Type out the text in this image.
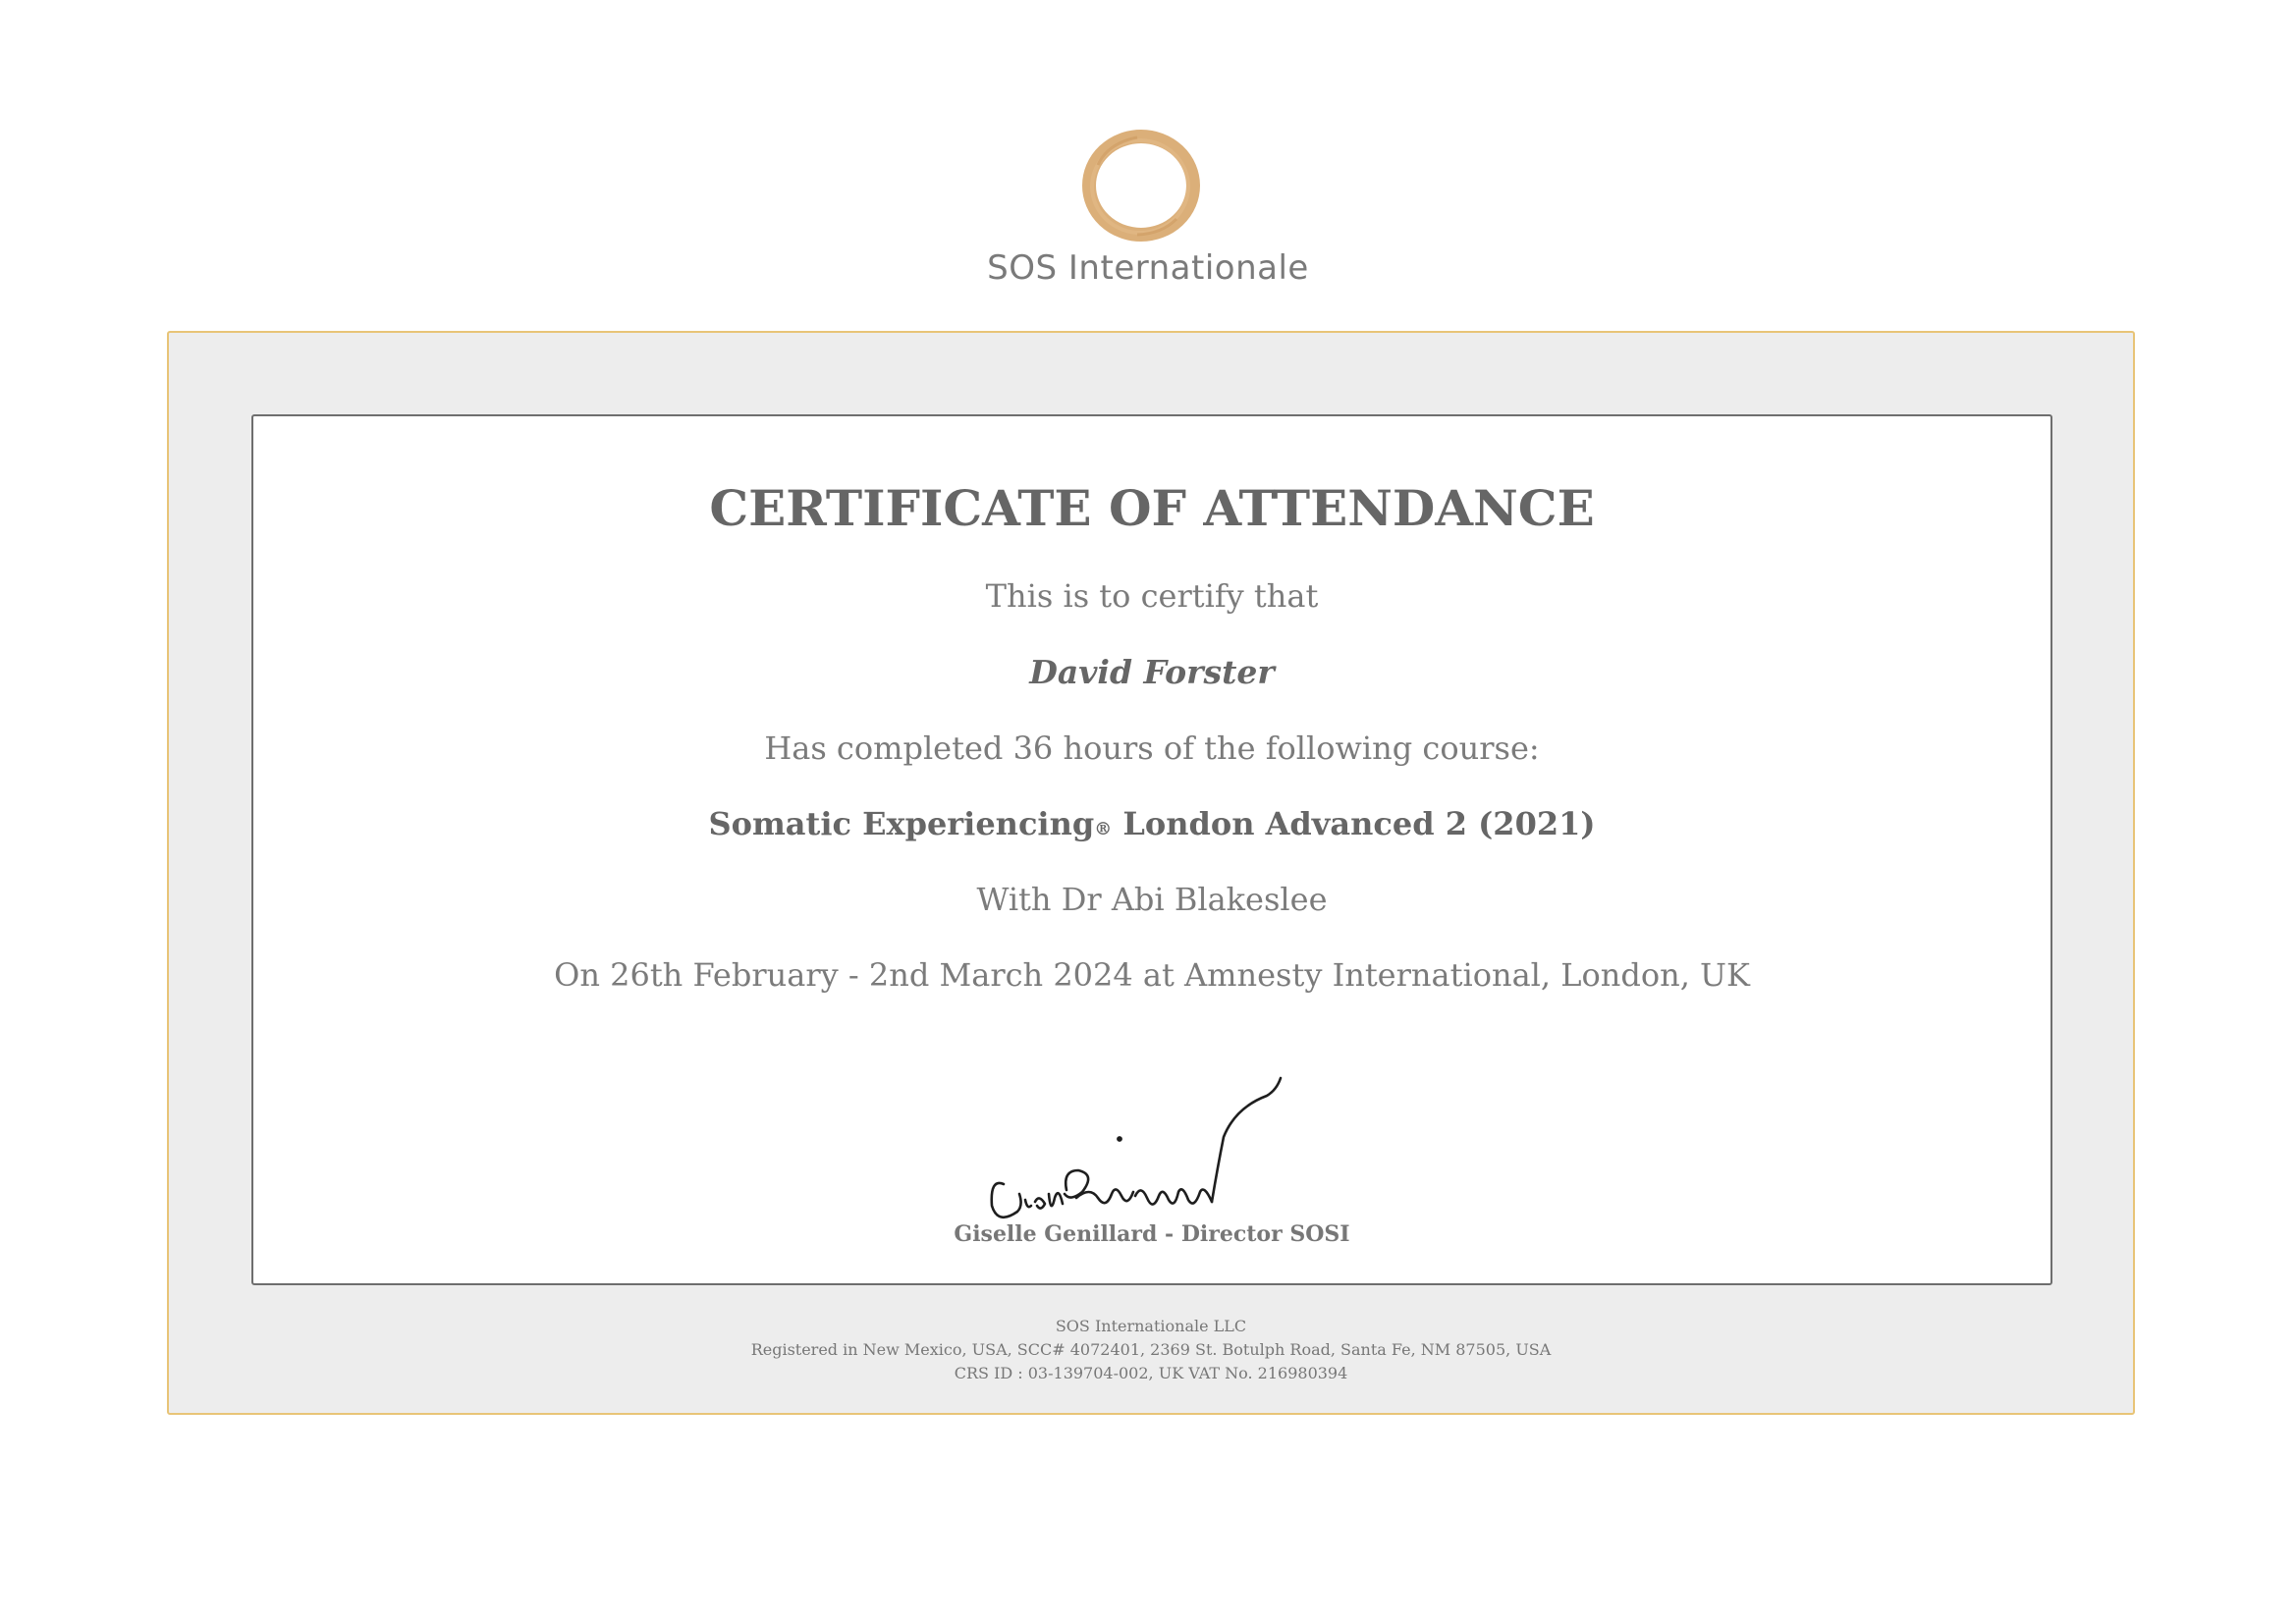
SOS Internationale
CERTIFICATE OF ATTENDANCE
This is to certify that
David Forster
Has completed 36 hours of the following course:
Somatic Experiencing® London Advanced 2 (2021)
With Dr Abi Blakeslee
On 26th February - 2nd March 2024 at Amnesty International, London, UK
Giselle Genillard - Director SOSI
SOS Internationale LLC
Registered in New Mexico, USA, SCC# 4072401, 2369 St. Botulph Road, Santa Fe, NM 87505, USA
CRS ID : 03-139704-002, UK VAT No. 216980394
